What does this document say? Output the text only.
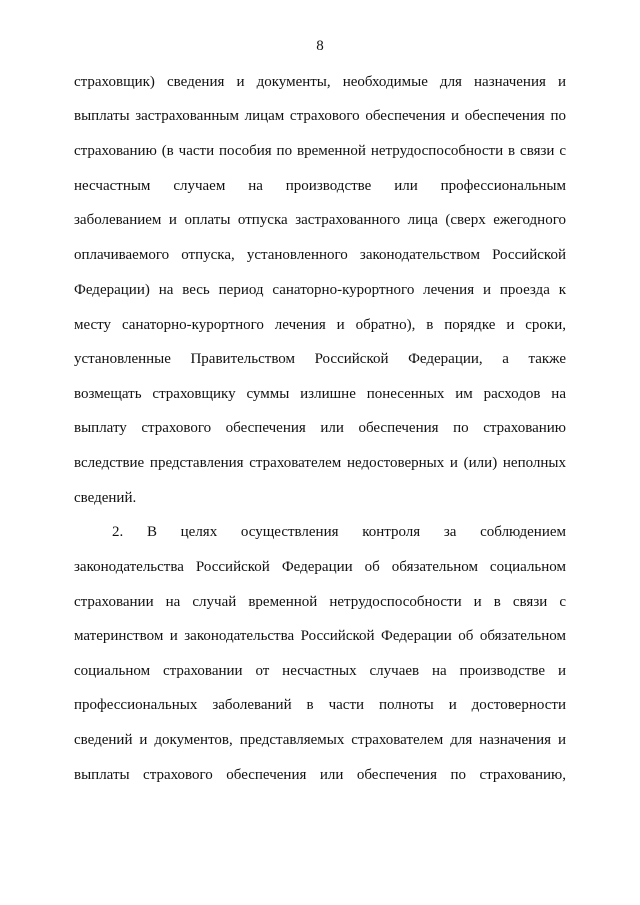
8
страховщик) сведения и документы, необходимые для назначения и
выплаты застрахованным лицам страхового обеспечения и обеспечения по
страхованию (в части пособия по временной нетрудоспособности в связи с
несчастным случаем на производстве или профессиональным
заболеванием и оплаты отпуска застрахованного лица (сверх ежегодного
оплачиваемого отпуска, установленного законодательством Российской
Федерации) на весь период санаторно-курортного лечения и проезда к
месту санаторно-курортного лечения и обратно), в порядке и сроки,
установленные Правительством Российской Федерации, а также
возмещать страховщику суммы излишне понесенных им расходов на
выплату страхового обеспечения или обеспечения по страхованию
вследствие представления страхователем недостоверных и (или) неполных
сведений.
2. В целях осуществления контроля за соблюдением
законодательства Российской Федерации об обязательном социальном
страховании на случай временной нетрудоспособности и в связи с
материнством и законодательства Российской Федерации об обязательном
социальном страховании от несчастных случаев на производстве и
профессиональных заболеваний в части полноты и достоверности
сведений и документов, представляемых страхователем для назначения и
выплаты страхового обеспечения или обеспечения по страхованию,
